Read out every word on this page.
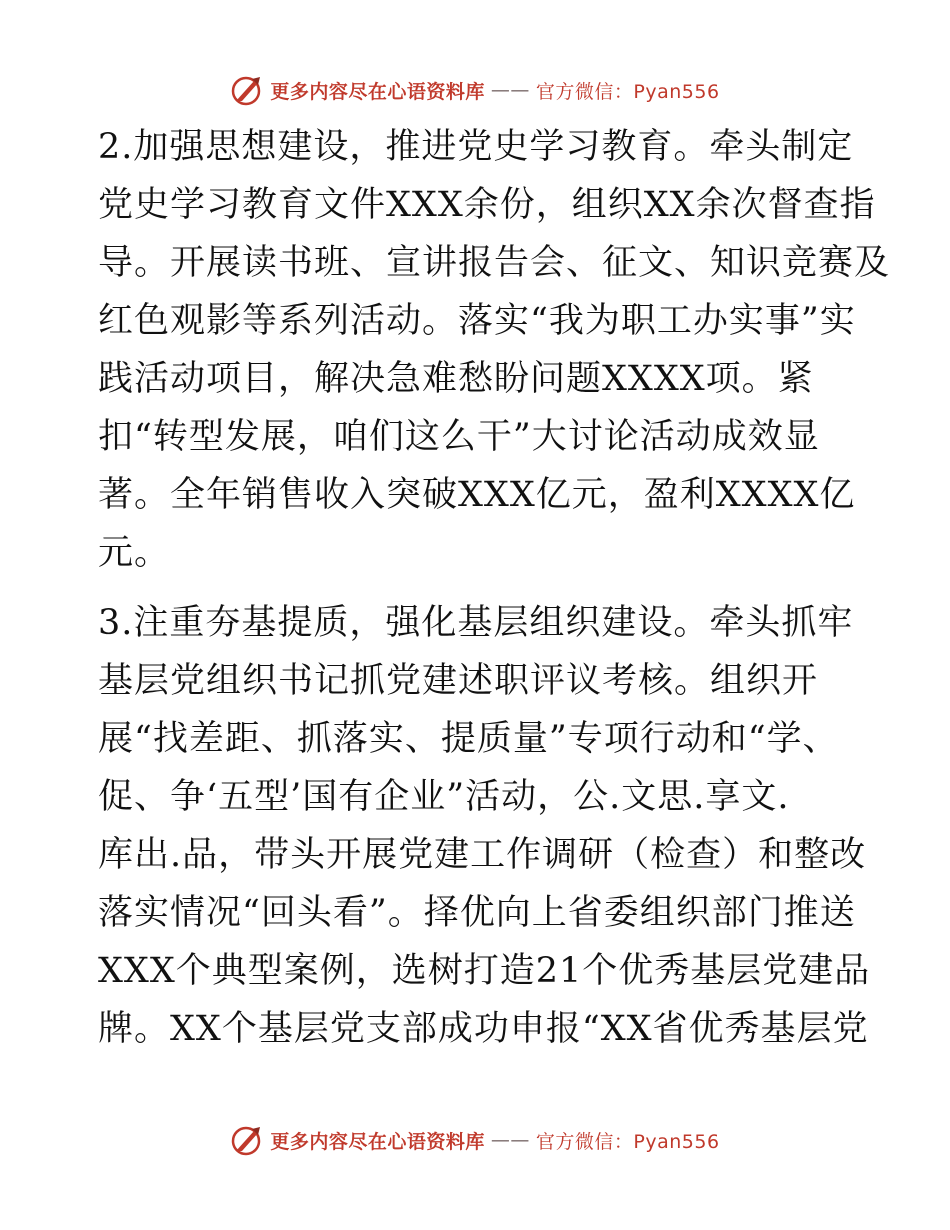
更多内容尽在心语资料库 —— 官方微信：Pyan556
2.加强思想建设，推进党史学习教育。牵头制定
党史学习教育文件XXX余份，组织XX余次督查指
导。开展读书班、宣讲报告会、征文、知识竞赛及
红色观影等系列活动。落实“我为职工办实事”实
践活动项目，解决急难愁盼问题XXXX项。紧
扣“转型发展，咱们这么干”大讨论活动成效显
著。全年销售收入突破XXX亿元，盈利XXXX亿
元。
3.注重夯基提质，强化基层组织建设。牵头抓牢
基层党组织书记抓党建述职评议考核。组织开
展“找差距、抓落实、提质量”专项行动和“学、
促、争‘五型’国有企业”活动，公.文思.享文.
库出.品，带头开展党建工作调研（检查）和整改
落实情况“回头看”。择优向上省委组织部门推送
XXX个典型案例，选树打造21个优秀基层党建品
牌。XX个基层党支部成功申报“XX省优秀基层党
更多内容尽在心语资料库 —— 官方微信：Pyan556
